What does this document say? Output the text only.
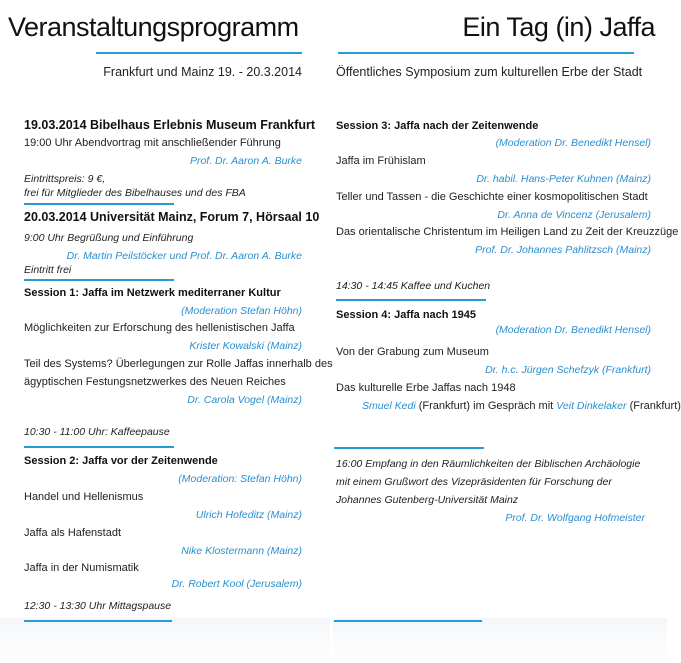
Veranstaltungsprogramm
Frankfurt und Mainz 19. - 20.3.2014
19.03.2014 Bibelhaus Erlebnis Museum Frankfurt
19:00 Uhr Abendvortrag mit anschließender Führung
Prof. Dr. Aaron A. Burke
Eintrittspreis: 9 €,
frei für Mitglieder des Bibelhauses und des FBA
20.03.2014 Universität Mainz, Forum 7, Hörsaal 10
9:00 Uhr Begrüßung und Einführung
Dr. Martin Peilstöcker und Prof. Dr. Aaron A. Burke
Eintritt frei
Session 1: Jaffa im Netzwerk mediterraner Kultur
(Moderation Stefan Höhn)
Möglichkeiten zur Erforschung des hellenistischen Jaffa
Krister Kowalski (Mainz)
Teil des Systems? Überlegungen zur Rolle Jaffas innerhalb des
ägyptischen Festungsnetzwerkes des Neuen Reiches
Dr. Carola Vogel (Mainz)
10:30 - 11:00 Uhr: Kaffeepause
Session 2: Jaffa vor der Zeitenwende
(Moderation: Stefan Höhn)
Handel und Hellenismus
Ulrich Hofeditz (Mainz)
Jaffa als Hafenstadt
Nike Klostermann (Mainz)
Jaffa in der Numismatik
Dr. Robert Kool (Jerusalem)
12:30 - 13:30 Uhr Mittagspause
Ein Tag (in) Jaffa
Öffentliches Symposium zum kulturellen Erbe der Stadt
Session 3: Jaffa nach der Zeitenwende
(Moderation Dr. Benedikt Hensel)
Jaffa im Frühislam
Dr. habil. Hans-Peter Kuhnen (Mainz)
Teller und Tassen - die Geschichte einer kosmopolitischen Stadt
Dr. Anna de Vincenz (Jerusalem)
Das orientalische Christentum im Heiligen Land zu Zeit der Kreuzzüge
Prof. Dr. Johannes Pahlitzsch (Mainz)
14:30 - 14:45 Kaffee und Kuchen
Session 4: Jaffa nach 1945
(Moderation Dr. Benedikt Hensel)
Von der Grabung zum Museum
Dr. h.c. Jürgen Schefzyk (Frankfurt)
Das kulturelle Erbe Jaffas nach 1948
Smuel Kedi (Frankfurt) im Gespräch mit Veit Dinkelaker (Frankfurt)
16:00 Empfang in den Räumlichkeiten der Biblischen Archäologie
mit einem Grußwort des Vizepräsidenten für Forschung der
Johannes Gutenberg-Universität Mainz
Prof. Dr. Wolfgang Hofmeister
